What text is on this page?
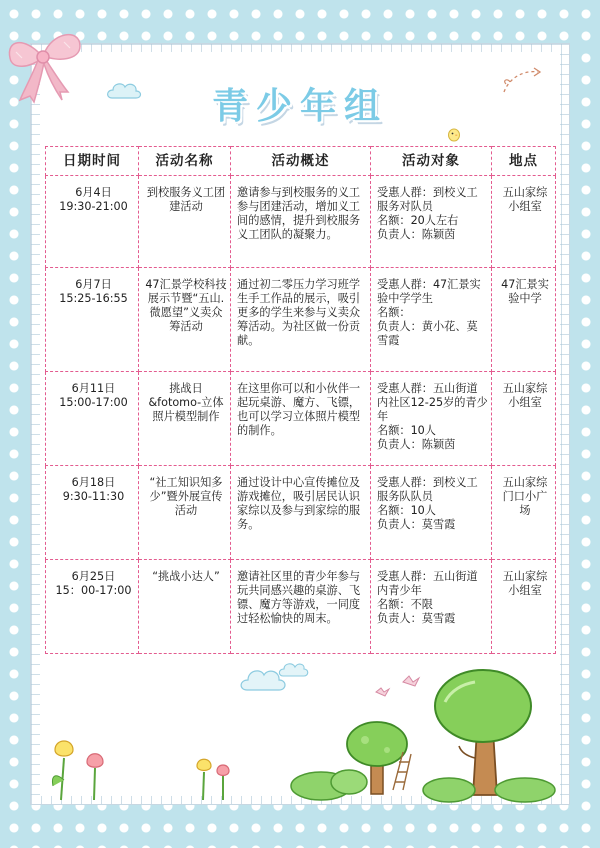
青少年组
日期时间	活动名称	活动概述	活动对象	地点

6月4日
19:30-21:00	到校服务义工团建活动	邀请参与到校服务的义工参与团建活动，增加义工间的感情，提升到校服务义工团队的凝聚力。	受惠人群：到校义工服务对队员
名额：20人左右
负责人：陈颖茵	五山家综小组室

6月7日
15:25-16:55	47汇景学校科技展示节暨“五山.微愿望”义卖众筹活动	通过初二零压力学习班学生手工作品的展示，吸引更多的学生来参与义卖众筹活动。为社区做一份贡献。	受惠人群：47汇景实验中学学生
名额：
负责人：黄小花、莫雪霞	47汇景实验中学

6月11日
15:00-17:00	挑战日&fotomo-立体照片模型制作	在这里你可以和小伙伴一起玩桌游、魔方、飞镖，也可以学习立体照片模型的制作。	受惠人群：五山街道内社区12-25岁的青少年
名额：10人
负责人：陈颖茵	五山家综小组室

6月18日
9:30-11:30	“社工知识知多少”暨外展宣传活动	通过设计中心宣传摊位及游戏摊位，吸引居民认识家综以及参与到家综的服务。	受惠人群：到校义工服务队队员
名额：10人
负责人：莫雪霞	五山家综门口小广场

6月25日
15：00-17:00	“挑战小达人”	邀请社区里的青少年参与玩共同感兴趣的桌游、飞镖、魔方等游戏，一同度过轻松愉快的周末。	受惠人群：五山街道内青少年
名额：不限
负责人：莫雪霞	五山家综小组室
